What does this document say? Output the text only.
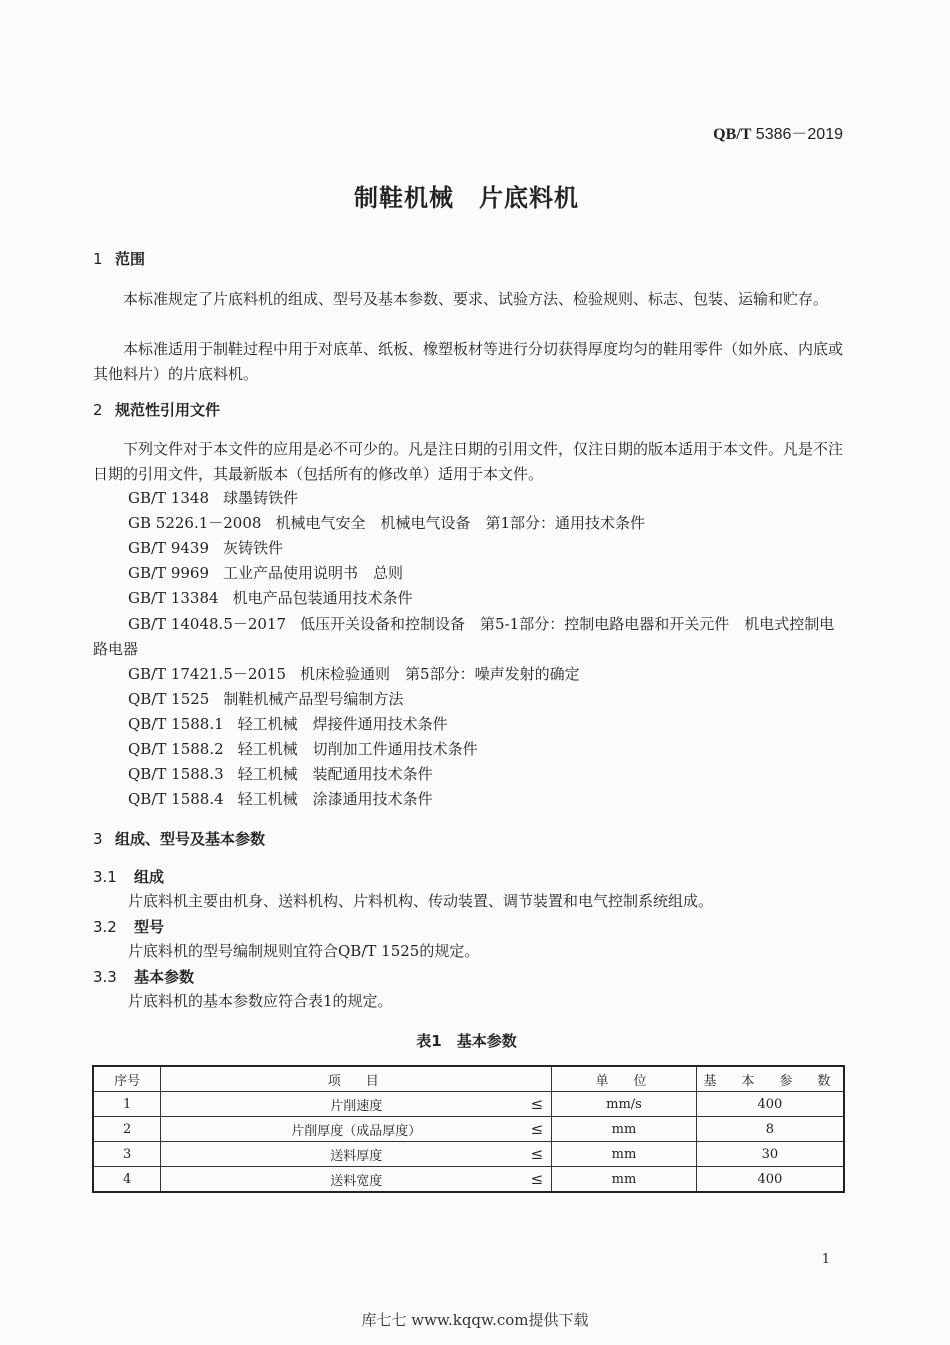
QB/T 5386－2019
制鞋机械　片底料机
1 范围
本标准规定了片底料机的组成、型号及基本参数、要求、试验方法、检验规则、标志、包装、运输和贮存。
本标准适用于制鞋过程中用于对底革、纸板、橡塑板材等进行分切获得厚度均匀的鞋用零件（如外底、内底或其他料片）的片底料机。
2 规范性引用文件
下列文件对于本文件的应用是必不可少的。凡是注日期的引用文件，仅注日期的版本适用于本文件。凡是不注日期的引用文件，其最新版本（包括所有的修改单）适用于本文件。
GB/T 1348 球墨铸铁件
GB 5226.1－2008 机械电气安全　机械电气设备　第1部分：通用技术条件
GB/T 9439 灰铸铁件
GB/T 9969 工业产品使用说明书　总则
GB/T 13384 机电产品包装通用技术条件
GB/T 14048.5－2017 低压开关设备和控制设备　第5-1部分：控制电路电器和开关元件　机电式控制电路电器
GB/T 17421.5－2015 机床检验通则　第5部分：噪声发射的确定
QB/T 1525 制鞋机械产品型号编制方法
QB/T 1588.1 轻工机械　焊接件通用技术条件
QB/T 1588.2 轻工机械　切削加工件通用技术条件
QB/T 1588.3 轻工机械　装配通用技术条件
QB/T 1588.4 轻工机械　涂漆通用技术条件
3 组成、型号及基本参数
3.1 组成
片底料机主要由机身、送料机构、片料机构、传动装置、调节装置和电气控制系统组成。
3.2 型号
片底料机的型号编制规则宜符合QB/T 1525的规定。
3.3 基本参数
片底料机的基本参数应符合表1的规定。
表1　基本参数
序号	项　目	单　位	基　本　参　数
1	片削速度 ≤	mm/s	400
2	片削厚度（成品厚度） ≤	mm	8
3	送料厚度 ≤	mm	30
4	送料宽度 ≤	mm	400
1
库七七 www.kqqw.com提供下载
